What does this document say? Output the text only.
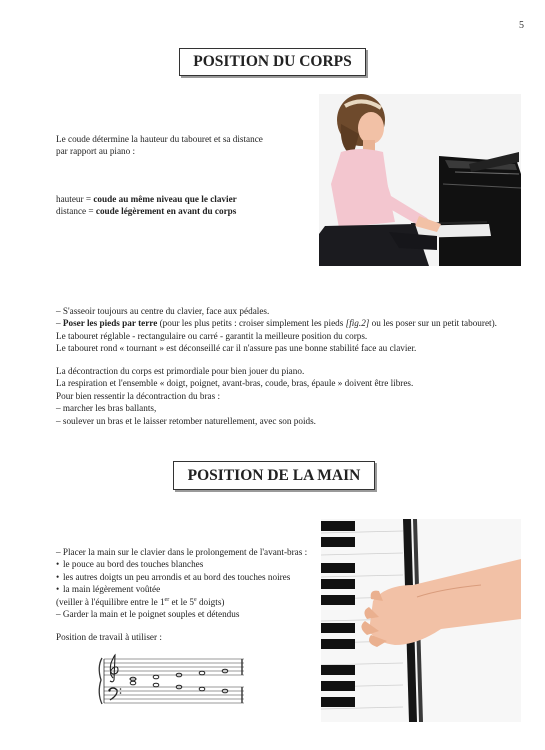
5
POSITION DU CORPS
Le coude détermine la hauteur du tabouret et sa distance
par rapport au piano :
hauteur = coude au même niveau que le clavier
distance = coude légèrement en avant du corps
– S'asseoir toujours au centre du clavier, face aux pédales.
– Poser les pieds par terre (pour les plus petits : croiser simplement les pieds [fig.2] ou les poser sur un petit tabouret).
Le tabouret réglable - rectangulaire ou carré - garantit la meilleure position du corps.
Le tabouret rond « tournant » est déconseillé car il n'assure pas une bonne stabilité face au clavier.
La décontraction du corps est primordiale pour bien jouer du piano.
La respiration et l'ensemble « doigt, poignet, avant-bras, coude, bras, épaule » doivent être libres.
Pour bien ressentir la décontraction du bras :
– marcher les bras ballants,
– soulever un bras et le laisser retomber naturellement, avec son poids.
POSITION DE LA MAIN
– Placer la main sur le clavier dans le prolongement de l'avant-bras :
• le pouce au bord des touches blanches
• les autres doigts un peu arrondis et au bord des touches noires
• la main légèrement voûtée
(veiller à l'équilibre entre le 1er et le 5e doigts)
– Garder la main et le poignet souples et détendus
Position de travail à utiliser :
